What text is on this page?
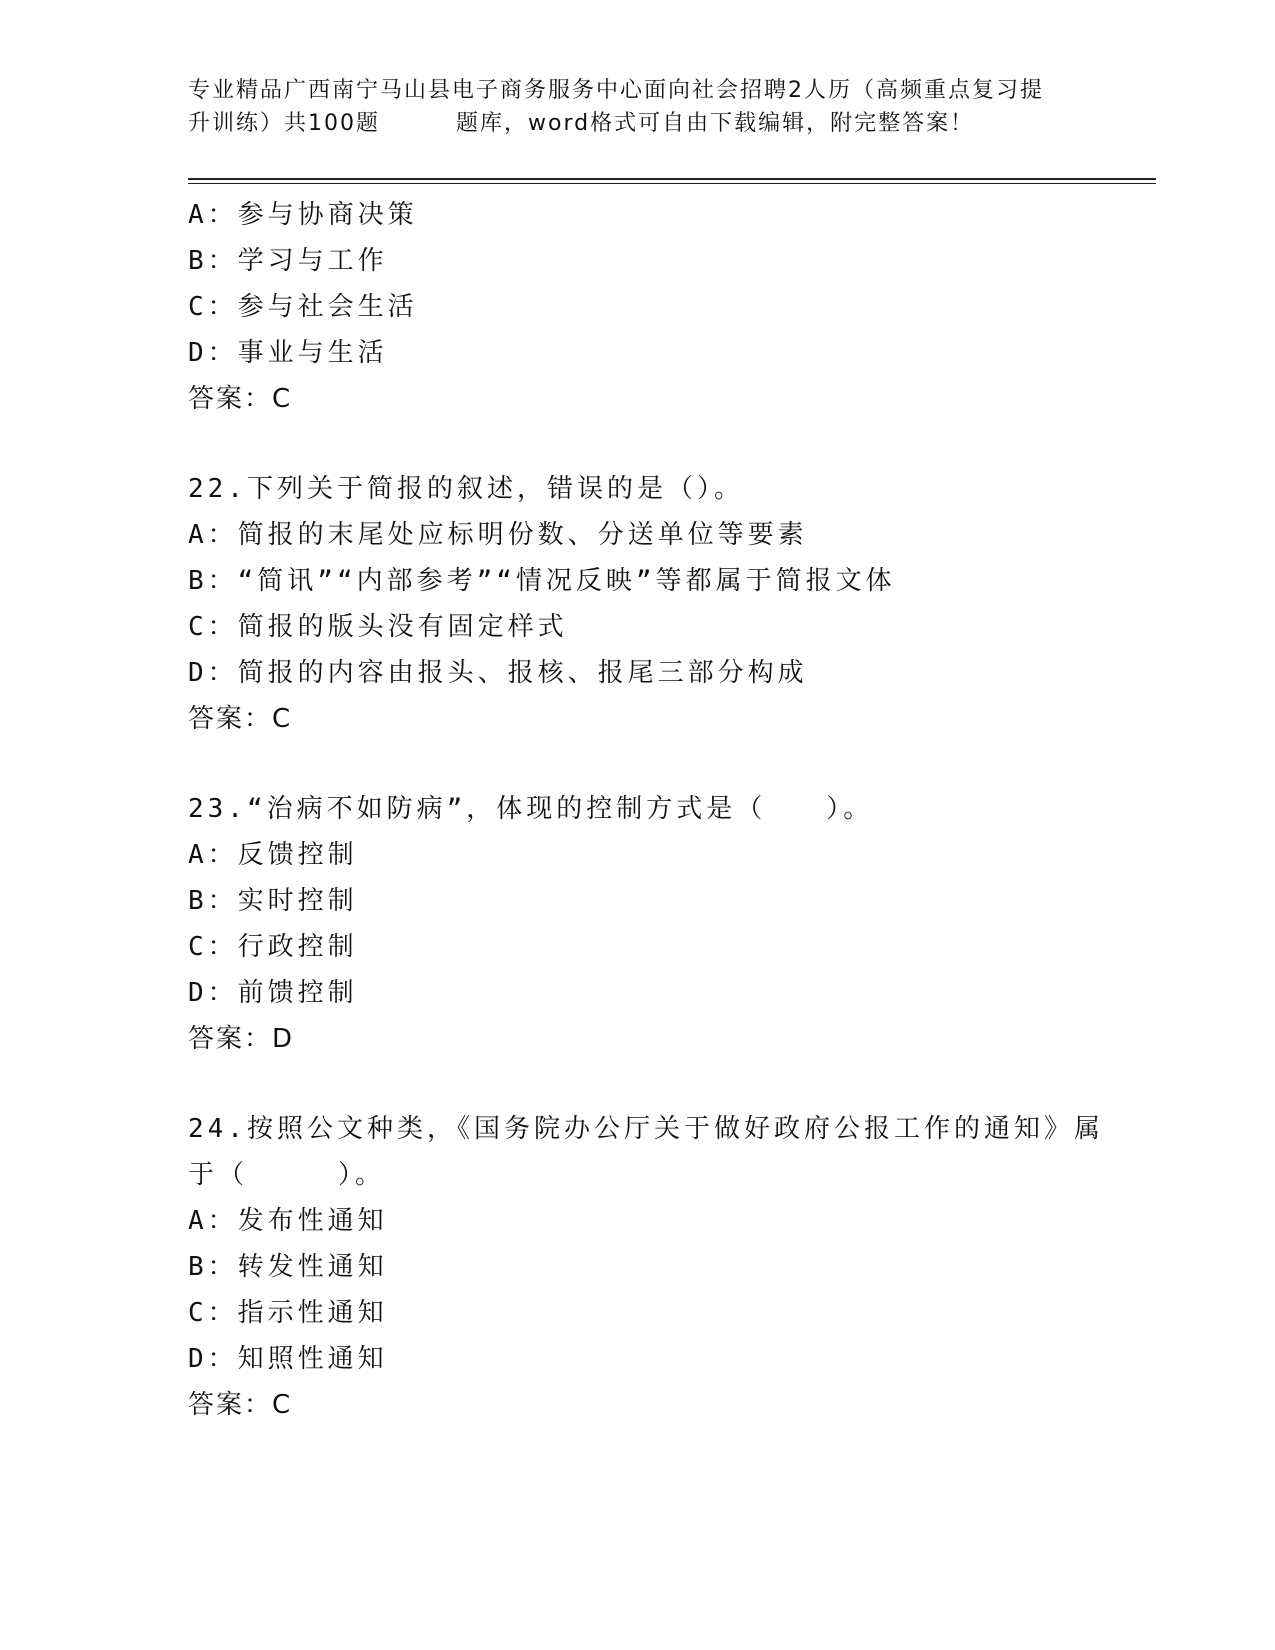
专业精品广西南宁马山县电子商务服务中心面向社会招聘2人历（高频重点复习提
升训练）共100题	题库，word格式可自由下载编辑，附完整答案！
A：参与协商决策
B：学习与工作
C：参与社会生活
D：事业与生活
答案：C
22.下列关于简报的叙述，错误的是（）。
A：简报的末尾处应标明份数、分送单位等要素
B：“简讯”“内部参考”“情况反映”等都属于简报文体
C：简报的版头没有固定样式
D：简报的内容由报头、报核、报尾三部分构成
答案：C
23.“治病不如防病”，体现的控制方式是（　　）。
A：反馈控制
B：实时控制
C：行政控制
D：前馈控制
答案：D
24.按照公文种类，《国务院办公厅关于做好政府公报工作的通知》属
于（　　　）。
A：发布性通知
B：转发性通知
C：指示性通知
D：知照性通知
答案：C
